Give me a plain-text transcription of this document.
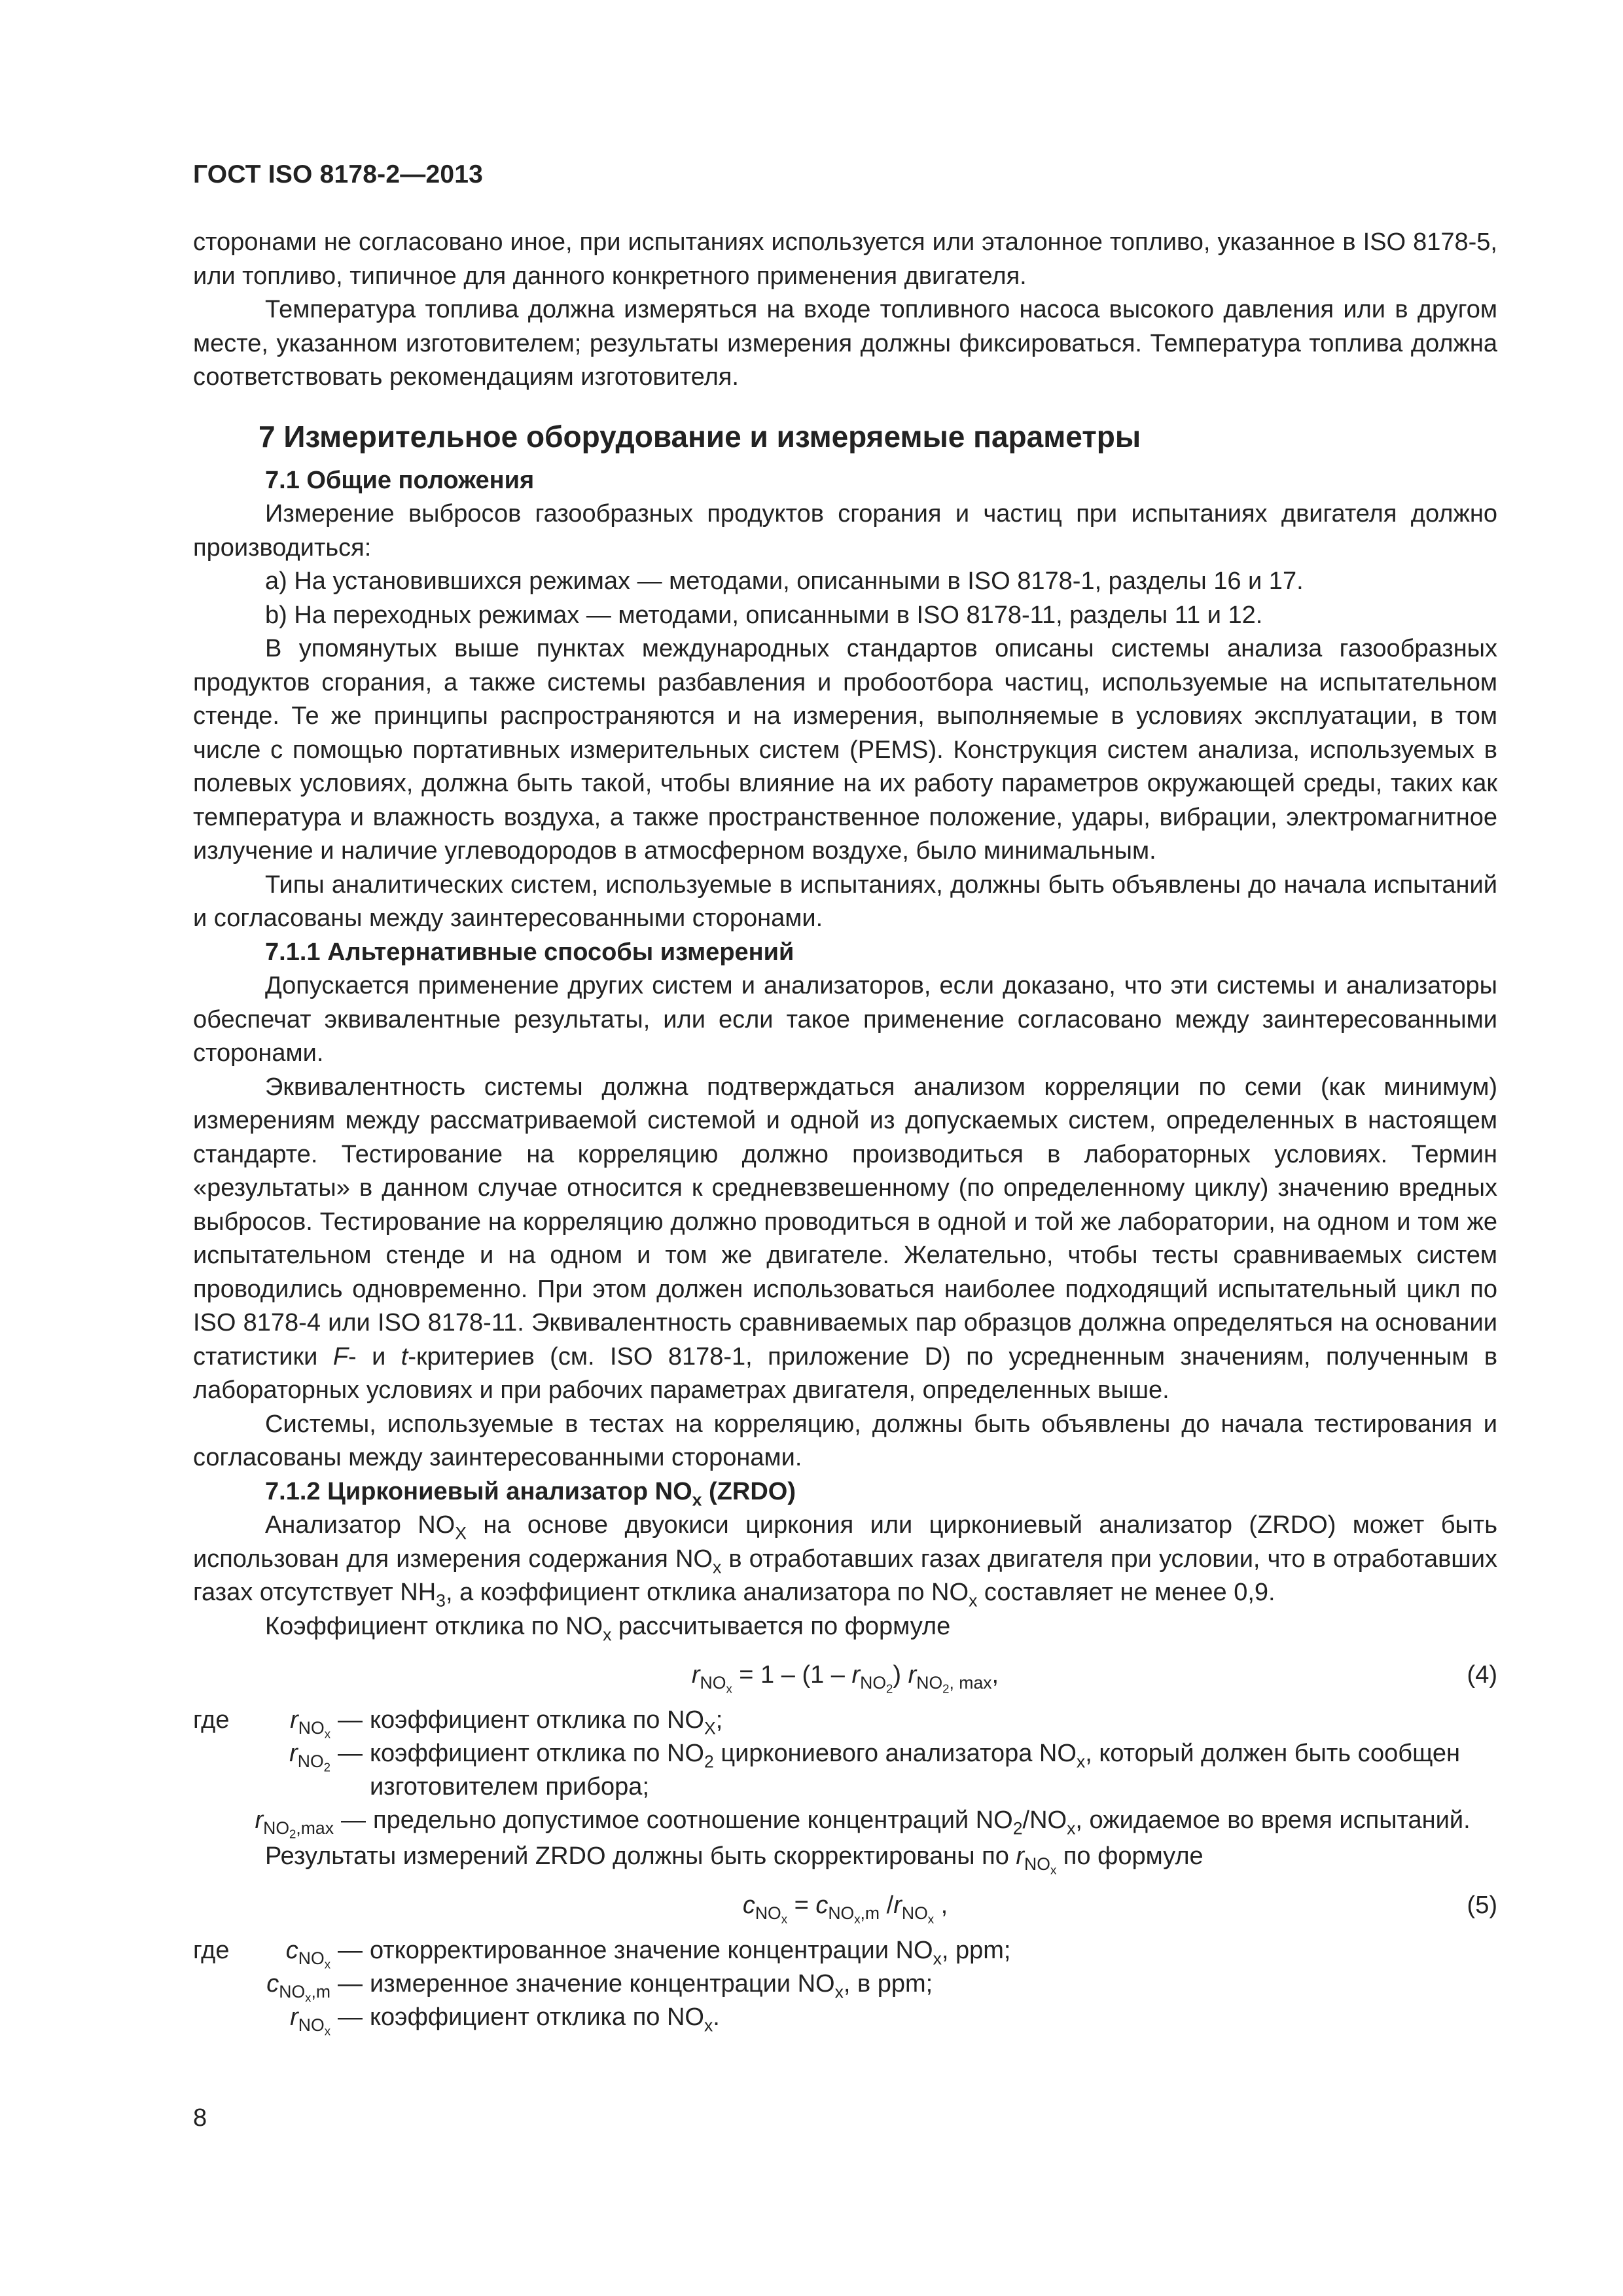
ГОСТ ISO 8178-2—2013

сторонами не согласовано иное, при испытаниях используется или эталонное топливо, указанное в ISO 8178-5, или топливо, типичное для данного конкретного применения двигателя.

Температура топлива должна измеряться на входе топливного насоса высокого давления или в другом месте, указанном изготовителем; результаты измерения должны фиксироваться. Температура топлива должна соответствовать рекомендациям изготовителя.

7 Измерительное оборудование и измеряемые параметры

7.1 Общие положения

Измерение выбросов газообразных продуктов сгорания и частиц при испытаниях двигателя должно производиться:

a) На установившихся режимах — методами, описанными в ISO 8178-1, разделы 16 и 17.

b) На переходных режимах — методами, описанными в ISO 8178-11, разделы 11 и 12.

В упомянутых выше пунктах международных стандартов описаны системы анализа газообразных продуктов сгорания, а также системы разбавления и пробоотбора частиц, используемые на испытательном стенде. Те же принципы распространяются и на измерения, выполняемые в условиях эксплуатации, в том числе с помощью портативных измерительных систем (PEMS). Конструкция систем анализа, используемых в полевых условиях, должна быть такой, чтобы влияние на их работу параметров окружающей среды, таких как температура и влажность воздуха, а также пространственное положение, удары, вибрации, электромагнитное излучение и наличие углеводородов в атмосферном воздухе, было минимальным.

Типы аналитических систем, используемые в испытаниях, должны быть объявлены до начала испытаний и согласованы между заинтересованными сторонами.

7.1.1 Альтернативные способы измерений

Допускается применение других систем и анализаторов, если доказано, что эти системы и анализаторы обеспечат эквивалентные результаты, или если такое применение согласовано между заинтересованными сторонами.

Эквивалентность системы должна подтверждаться анализом корреляции по семи (как минимум) измерениям между рассматриваемой системой и одной из допускаемых систем, определенных в настоящем стандарте. Тестирование на корреляцию должно производиться в лабораторных условиях. Термин «результаты» в данном случае относится к средневзвешенному (по определенному циклу) значению вредных выбросов. Тестирование на корреляцию должно проводиться в одной и той же лаборатории, на одном и том же испытательном стенде и на одном и том же двигателе. Желательно, чтобы тесты сравниваемых систем проводились одновременно. При этом должен использоваться наиболее подходящий испытательный цикл по ISO 8178-4 или ISO 8178-11. Эквивалентность сравниваемых пар образцов должна определяться на основании статистики F- и t-критериев (см. ISO 8178-1, приложение D) по усредненным значениям, полученным в лабораторных условиях и при рабочих параметрах двигателя, определенных выше.

Системы, используемые в тестах на корреляцию, должны быть объявлены до начала тестирования и согласованы между заинтересованными сторонами.

7.1.2 Циркониевый анализатор $NO_x$ (ZRDO)

Анализатор $NO_X$ на основе двуокиси циркония или циркониевый анализатор (ZRDO) может быть использован для измерения содержания $NO_x$ в отработавших газах двигателя при условии, что в отработавших газах отсутствует $NH_3$, а коэффициент отклика анализатора по $NO_x$ составляет не менее 0,9.

Коэффициент отклика по $NO_x$ рассчитывается по формуле

$r_{NO_x} = 1 - (1 - r_{NO_2})$ $r_{NO_2, max}$,	(4)
где $r_{NO_x}$
— коэффициент отклика по $NO_X$;
$r_{NO_2}$
— коэффициент отклика по $NO_2$ циркониевого анализатора $NO_x$, который должен быть сообщен изготовителем прибора;
$r_{NO_2,max}$ — предельно допустимое соотношение концентраций $NO_2/NO_x$, ожидаемое во время испытаний.

Результаты измерений ZRDO должны быть скорректированы по $r_{NO_x}$ по формуле

$c_{NO_x} = c_{NO_x,m}$ $/r_{NO_x}$ ,	(5)
где $c_{NO_x}$
— откорректированное значение концентрации $NO_x$, ppm;
$c_{NO_x,m}$ — измеренное значение концентрации $NO_x$, в ppm;
$r_{NO_x}$
— коэффициент отклика по $NO_x$.
8
